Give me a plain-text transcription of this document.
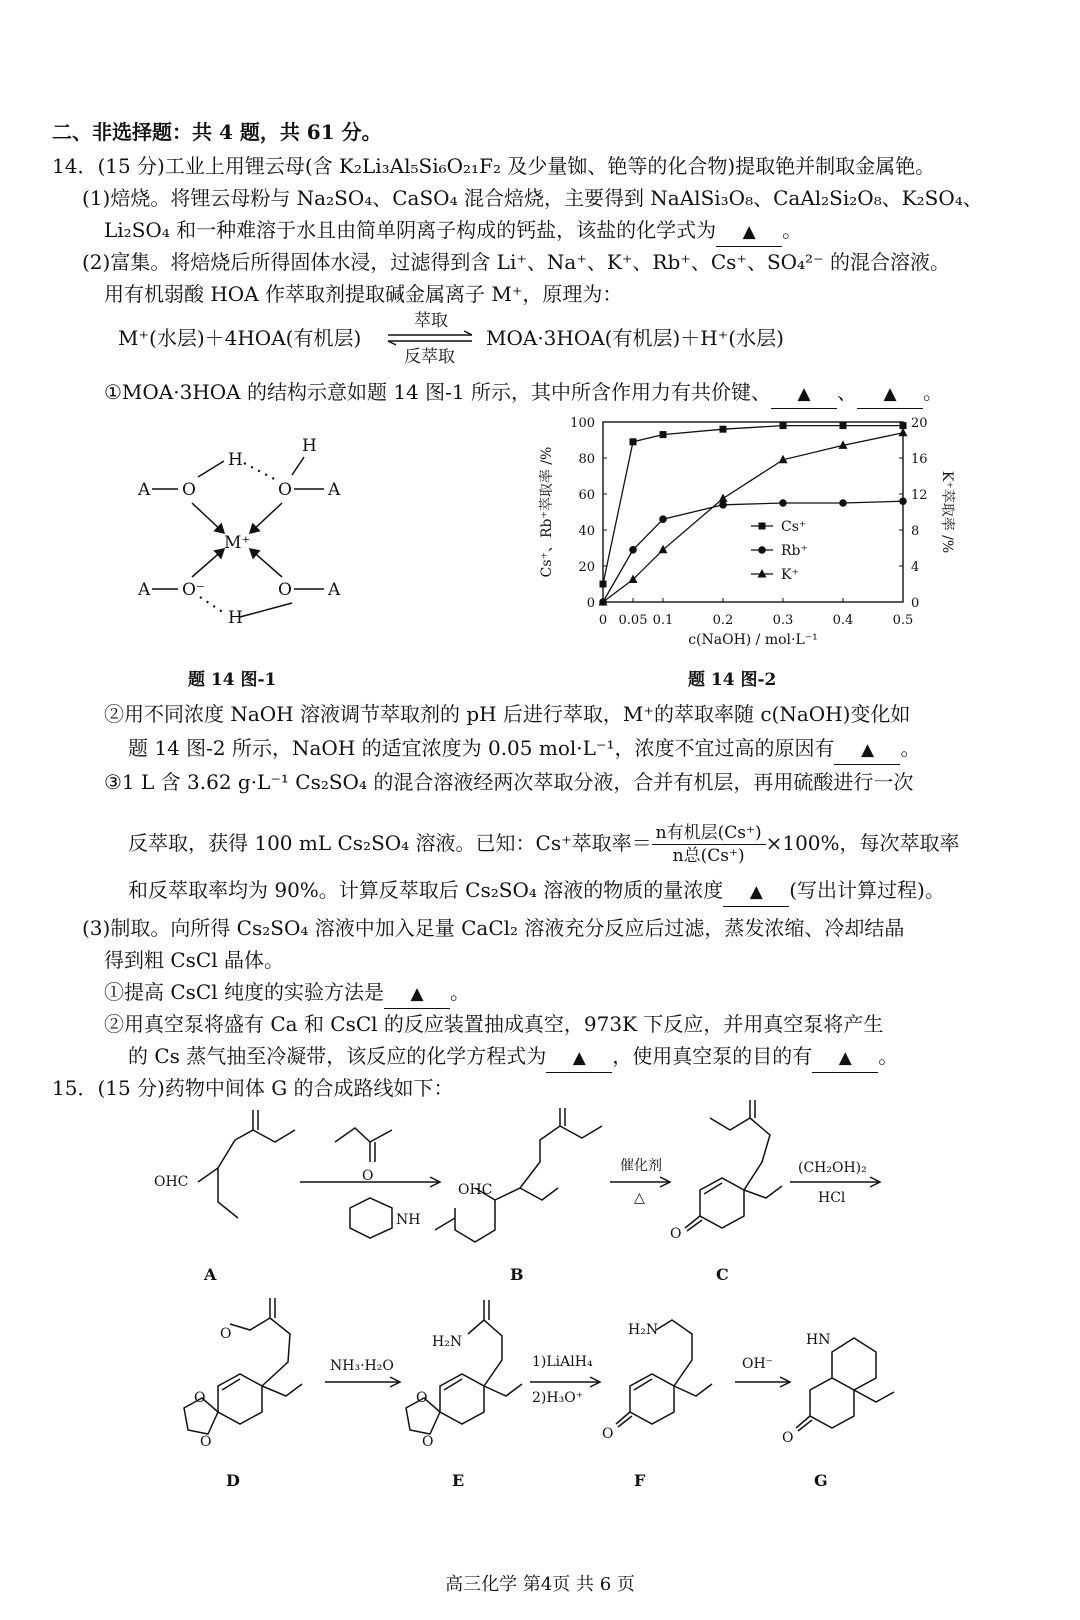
二、非选择题：共 4 题，共 61 分。
14．(15 分)工业上用锂云母(含 K₂Li₃Al₅Si₆O₂₁F₂ 及少量铷、铯等的化合物)提取铯并制取金属铯。
(1)焙烧。将锂云母粉与 Na₂SO₄、CaSO₄ 混合焙烧，主要得到 NaAlSi₃O₈、CaAl₂Si₂O₈、K₂SO₄、
Li₂SO₄ 和一种难溶于水且由简单阴离子构成的钙盐，该盐的化学式为 ▲ 。
(2)富集。将焙烧后所得固体水浸，过滤得到含 Li⁺、Na⁺、K⁺、Rb⁺、Cs⁺、SO₄²⁻ 的混合溶液。
用有机弱酸 HOA 作萃取剂提取碱金属离子 M⁺，原理为：
M⁺(水层)＋4HOA(有机层)
萃取
反萃取
MOA·3HOA(有机层)＋H⁺(水层)
①MOA·3HOA 的结构示意如题 14 图-1 所示，其中所含作用力有共价键、 ▲ 、 ▲ 。
A O
H
H
O A
M⁺
A O⁻	O A
H
题 14 图-1
0 0.05 0.1	0.2	0.3	0.4	0.5
0
20
40
60
80
100
0
4
8
12
16
20
c(NaOH) / mol·L⁻¹
Cs⁺、Rb⁺萃取率 /%	K⁺萃取率 /%
Cs⁺
Rb⁺
K⁺
题 14 图-2
②用不同浓度 NaOH 溶液调节萃取剂的 pH 后进行萃取，M⁺的萃取率随 c(NaOH)变化如
题 14 图-2 所示，NaOH 的适宜浓度为 0.05 mol·L⁻¹，浓度不宜过高的原因有 ▲ 。
③1 L 含 3.62 g·L⁻¹ Cs₂SO₄ 的混合溶液经两次萃取分液，合并有机层，再用硫酸进行一次
反萃取，获得 100 mL Cs₂SO₄ 溶液。已知：Cs⁺萃取率＝ $\frac{\text{n有机层(Cs⁺)}}{\text{n总(Cs⁺)}} \times 100\%$，每次萃取率
和反萃取率均为 90%。计算反萃取后 Cs₂SO₄ 溶液的物质的量浓度 ▲ (写出计算过程)。
(3)制取。向所得 Cs₂SO₄ 溶液中加入足量 CaCl₂ 溶液充分反应后过滤，蒸发浓缩、冷却结晶
得到粗 CsCl 晶体。
①提高 CsCl 纯度的实验方法是 ▲ 。
②用真空泵将盛有 Ca 和 CsCl 的反应装置抽成真空，973K 下反应，并用真空泵将产生
的 Cs 蒸气抽至冷凝带，该反应的化学方程式为 ▲ ，使用真空泵的目的有 ▲ 。
15．(15 分)药物中间体 G 的合成路线如下：
OHC
NH
OHC
催化剂
△
O
(CH₂OH)₂
HCl
O
A	B	C
O
O
O
O
O
H₂N
NH₃·H₂O	1)LiAlH₄
2)H₃O⁺
H₂N
O
OH⁻
HN
O
D	E	F	G
高三化学 第4页 共 6 页
